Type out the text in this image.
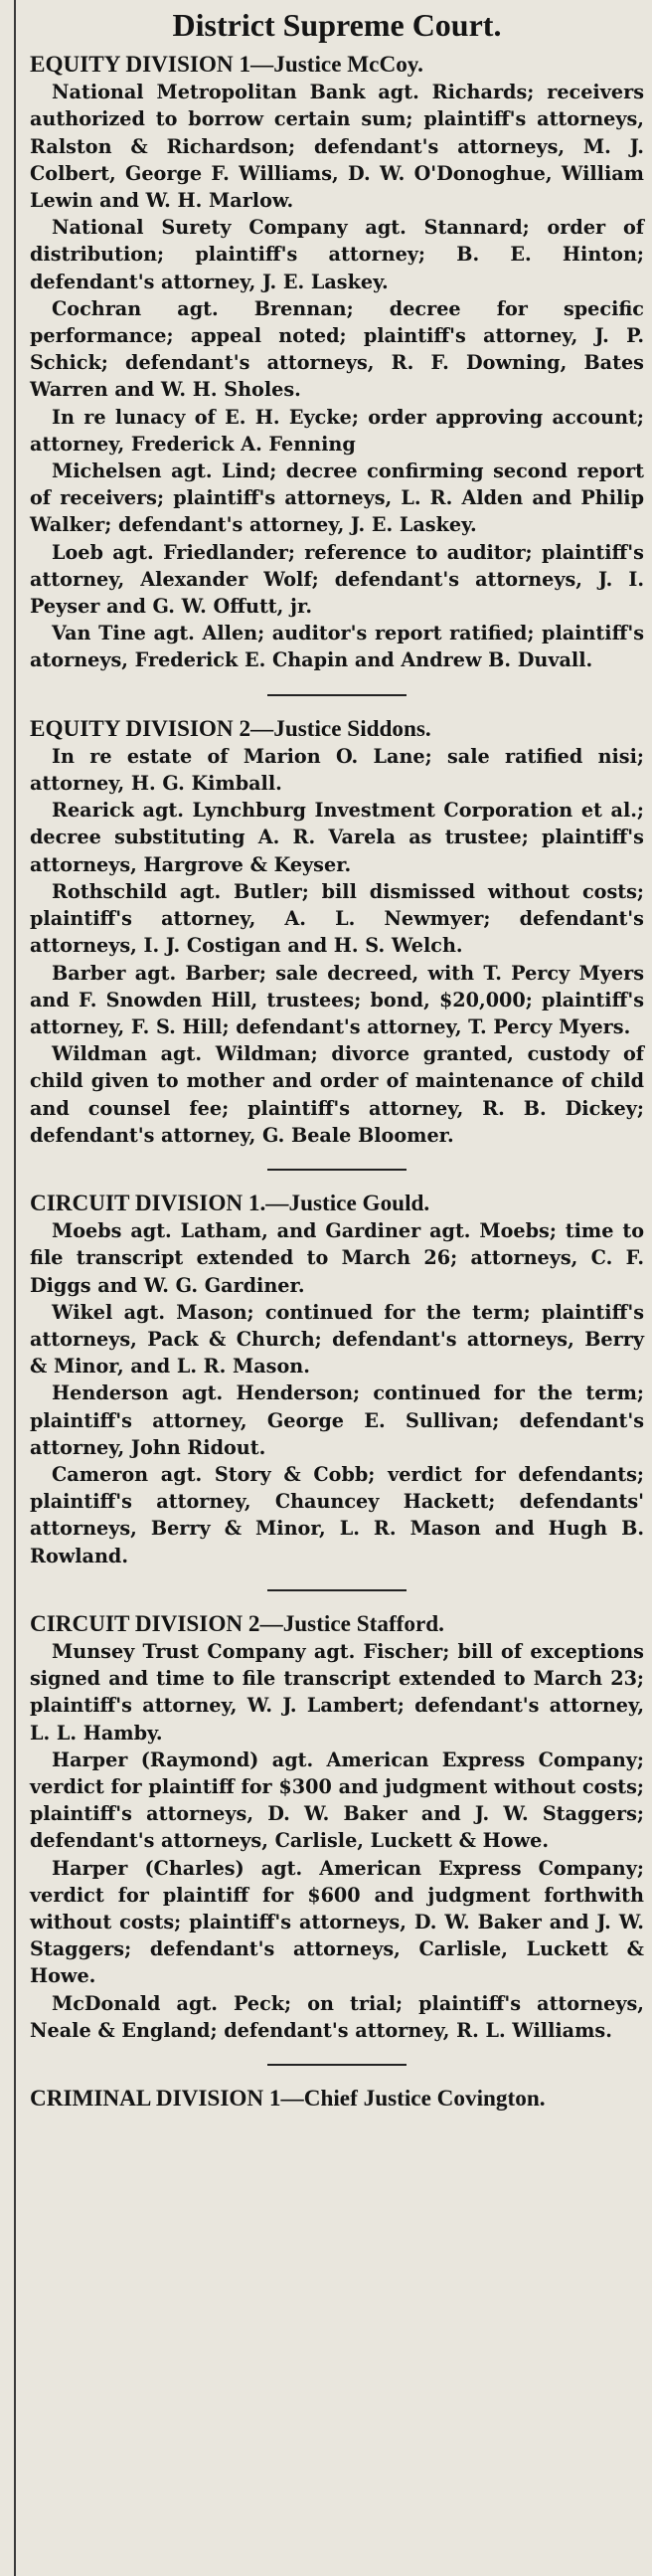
District Supreme Court.
EQUITY DIVISION 1—Justice McCoy.

National Metropolitan Bank agt. Richards; receivers authorized to borrow certain sum; plaintiff's attorneys, Ralston & Richardson; defendant's attorneys, M. J. Colbert, George F. Williams, D. W. O'Donoghue, William Lewin and W. H. Marlow.

National Surety Company agt. Stannard; order of distribution; plaintiff's attorney; B. E. Hinton; defendant's attorney, J. E. Laskey.

Cochran agt. Brennan; decree for specific performance; appeal noted; plaintiff's attorney, J. P. Schick; defendant's attorneys, R. F. Downing, Bates Warren and W. H. Sholes.

In re lunacy of E. H. Eycke; order approving account; attorney, Frederick A. Fenning

Michelsen agt. Lind; decree confirming second report of receivers; plaintiff's attorneys, L. R. Alden and Philip Walker; defendant's attorney, J. E. Laskey.

Loeb agt. Friedlander; reference to auditor; plaintiff's attorney, Alexander Wolf; defendant's attorneys, J. I. Peyser and G. W. Offutt, jr.

Van Tine agt. Allen; auditor's report ratified; plaintiff's atorneys, Frederick E. Chapin and Andrew B. Duvall.

EQUITY DIVISION 2—Justice Siddons.

In re estate of Marion O. Lane; sale ratified nisi; attorney, H. G. Kimball.

Rearick agt. Lynchburg Investment Corporation et al.; decree substituting A. R. Varela as trustee; plaintiff's attorneys, Hargrove & Keyser.

Rothschild agt. Butler; bill dismissed without costs; plaintiff's attorney, A. L. Newmyer; defendant's attorneys, I. J. Costigan and H. S. Welch.

Barber agt. Barber; sale decreed, with T. Percy Myers and F. Snowden Hill, trustees; bond, $20,000; plaintiff's attorney, F. S. Hill; defendant's attorney, T. Percy Myers.

Wildman agt. Wildman; divorce granted, custody of child given to mother and order of maintenance of child and counsel fee; plaintiff's attorney, R. B. Dickey; defendant's attorney, G. Beale Bloomer.

CIRCUIT DIVISION 1.—Justice Gould.

Moebs agt. Latham, and Gardiner agt. Moebs; time to file transcript extended to March 26; attorneys, C. F. Diggs and W. G. Gardiner.

Wikel agt. Mason; continued for the term; plaintiff's attorneys, Pack & Church; defendant's attorneys, Berry & Minor, and L. R. Mason.

Henderson agt. Henderson; continued for the term; plaintiff's attorney, George E. Sullivan; defendant's attorney, John Ridout.

Cameron agt. Story & Cobb; verdict for defendants; plaintiff's attorney, Chauncey Hackett; defendants' attorneys, Berry & Minor, L. R. Mason and Hugh B. Rowland.

CIRCUIT DIVISION 2—Justice Stafford.

Munsey Trust Company agt. Fischer; bill of exceptions signed and time to file transcript extended to March 23; plaintiff's attorney, W. J. Lambert; defendant's attorney, L. L. Hamby.

Harper (Raymond) agt. American Express Company; verdict for plaintiff for $300 and judgment without costs; plaintiff's attorneys, D. W. Baker and J. W. Staggers; defendant's attorneys, Carlisle, Luckett & Howe.

Harper (Charles) agt. American Express Company; verdict for plaintiff for $600 and judgment forthwith without costs; plaintiff's attorneys, D. W. Baker and J. W. Staggers; defendant's attorneys, Carlisle, Luckett & Howe.

McDonald agt. Peck; on trial; plaintiff's attorneys, Neale & England; defendant's attorney, R. L. Williams.

CRIMINAL DIVISION 1—Chief Justice Covington.
